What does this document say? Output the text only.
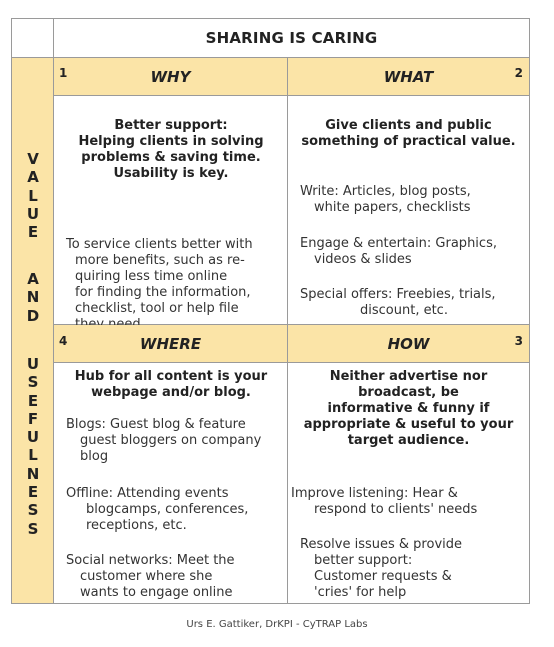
SHARING IS CARING
V
A
L
U
E
A
N
D
U
S
E
F
U
L
N
E
S
S
1	WHY	WHAT	2
Better support:
Helping clients in solving
problems & saving time.
Usability is key.
To service clients better with
more benefits, such as re-
quiring less time online
for finding the information,
checklist, tool or help file
Give clients and public
something of practical value.
Write: Articles, blog posts,
white papers, checklists
Engage & entertain: Graphics,
videos & slides
Special offers: Freebies, trials,
discount, etc.
4	WHERE	HOW	3
Hub for all content is your
webpage and/or blog.
Blogs: Guest blog & feature
guest bloggers on company
blog
Offline: Attending events
blogcamps, conferences,
receptions, etc.
Social networks: Meet the
customer where she
wants to engage online
Neither advertise nor
broadcast, be
informative & funny if
appropriate & useful to your
target audience.
Improve listening: Hear &
respond to clients' needs
Resolve issues & provide
better support:
Customer requests &
'cries' for help
Urs E. Gattiker, DrKPI - CyTRAP Labs
